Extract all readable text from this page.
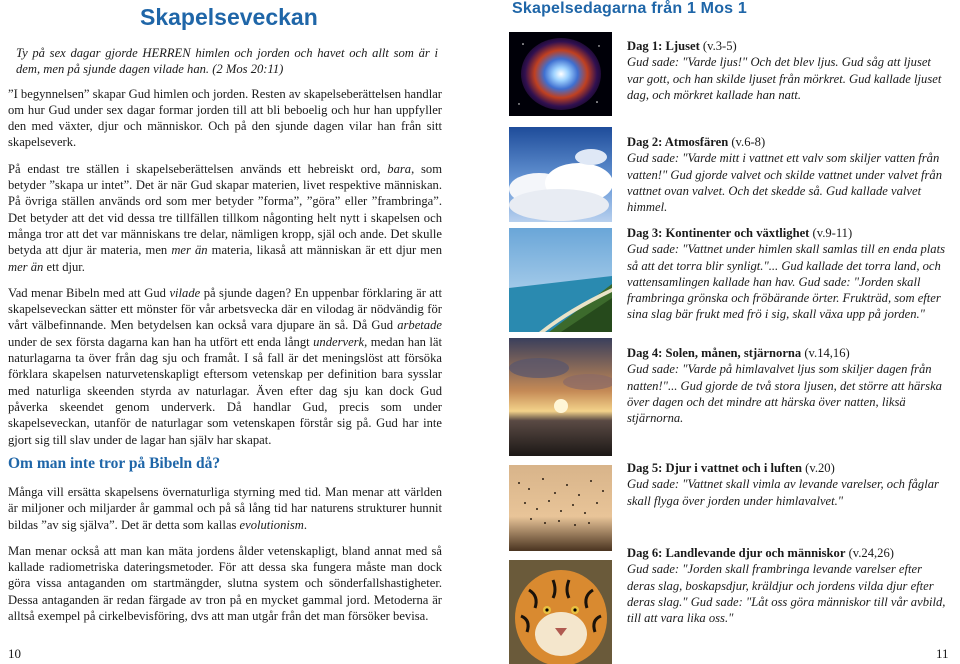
Skapelseveckan

Ty på sex dagar gjorde HERREN himlen och jorden och havet och allt som är i dem, men på sjunde dagen vilade han. (2 Mos 20:11)

”I begynnelsen” skapar Gud himlen och jorden. Resten av skapelseberättelsen handlar om hur Gud under sex dagar formar jorden till att bli beboelig och hur han uppfyller den med växter, djur och människor. Och på den sjunde dagen vilar han från sitt skapelseverk.

På endast tre ställen i skapelseberättelsen används ett hebreiskt ord, bara, som betyder ”skapa ur intet”. Det är när Gud skapar materien, livet respektive människan. På övriga ställen används ord som mer betyder ”forma”, ”göra” eller ”frambringa”. Det betyder att det vid dessa tre tillfällen tillkom någonting helt nytt i skapelsen och många tror att det var människans tre delar, nämligen kropp, själ och ande. Det skulle betyda att djur är materia, men mer än materia, likaså att människan är ett djur men mer än ett djur.

Vad menar Bibeln med att Gud vilade på sjunde dagen? En uppenbar förklaring är att skapelseveckan sätter ett mönster för vår arbetsvecka där en vilodag är nödvändig för vårt välbefinnande. Men betydelsen kan också vara djupare än så. Då Gud arbetade under de sex första dagarna kan han ha utfört ett enda långt underverk, medan han lät naturlagarna ta över från dag sju och framåt. I så fall är det meningslöst att försöka förklara skapelsen naturvetenskapligt eftersom vetenskap per definition bara sysslar med naturliga skeenden styrda av naturlagar. Även efter dag sju kan dock Gud påverka skeendet genom underverk. Då handlar Gud, precis som under skapelseveckan, utanför de naturlagar som vetenskapen förstår sig på. Gud har inte gjort sig till slav under de lagar han själv har skapat.

Om man inte tror på Bibeln då?

Många vill ersätta skapelsens övernaturliga styrning med tid. Man menar att världen är miljoner och miljarder år gammal och på så lång tid har naturens strukturer hunnit bildas ”av sig själva”. Det är detta som kallas evolutionism.

Man menar också att man kan mäta jordens ålder vetenskapligt, bland annat med så kallade radiometriska dateringsmetoder. För att dessa ska fungera måste man dock göra vissa antaganden om startmängder, slutna system och sönderfallshastigheter. Dessa antaganden är redan färgade av tron på en mycket gammal jord. Metoderna är alltså exempel på cirkelbevisföring, dvs att man utgår från det man försöker bevisa.

10
Skapelsedagarna från 1 Mos 1
Dag 1: Ljuset (v.3-5)
Gud sade: "Varde ljus!" Och det blev ljus. Gud såg att ljuset var gott, och han skilde ljuset från mörkret. Gud kallade ljuset dag, och mörkret kallade han natt.
Dag 2: Atmosfären (v.6-8)
Gud sade: "Varde mitt i vattnet ett valv som skiljer vatten från vatten!" Gud gjorde valvet och skilde vattnet under valvet från vattnet ovan valvet. Och det skedde så. Gud kallade valvet himmel.
Dag 3: Kontinenter och växtlighet (v.9-11)
Gud sade: "Vattnet under himlen skall samlas till en enda plats så att det torra blir synligt."... Gud kallade det torra land, och vattensamlingen kallade han hav. Gud sade: "Jorden skall frambringa grönska och fröbärande örter. Frukträd, som efter sina slag bär frukt med frö i sig, skall växa upp på jorden."
Dag 4: Solen, månen, stjärnorna (v.14,16)
Gud sade: "Varde på himlavalvet ljus som skiljer dagen från natten!"... Gud gjorde de två stora ljusen, det större att härska över dagen och det mindre att härska över natten, liksä stjärnorna.
Dag 5: Djur i vattnet och i luften (v.20)
Gud sade: "Vattnet skall vimla av levande varelser, och fåglar skall flyga över jorden under himlavalvet."
Dag 6: Landlevande djur och människor (v.24,26)
Gud sade: "Jorden skall frambringa levande varelser efter deras slag, boskapsdjur, kräldjur och jordens vilda djur efter deras slag." Gud sade: "Låt oss göra människor till vår avbild, till att vara lika oss."
11
